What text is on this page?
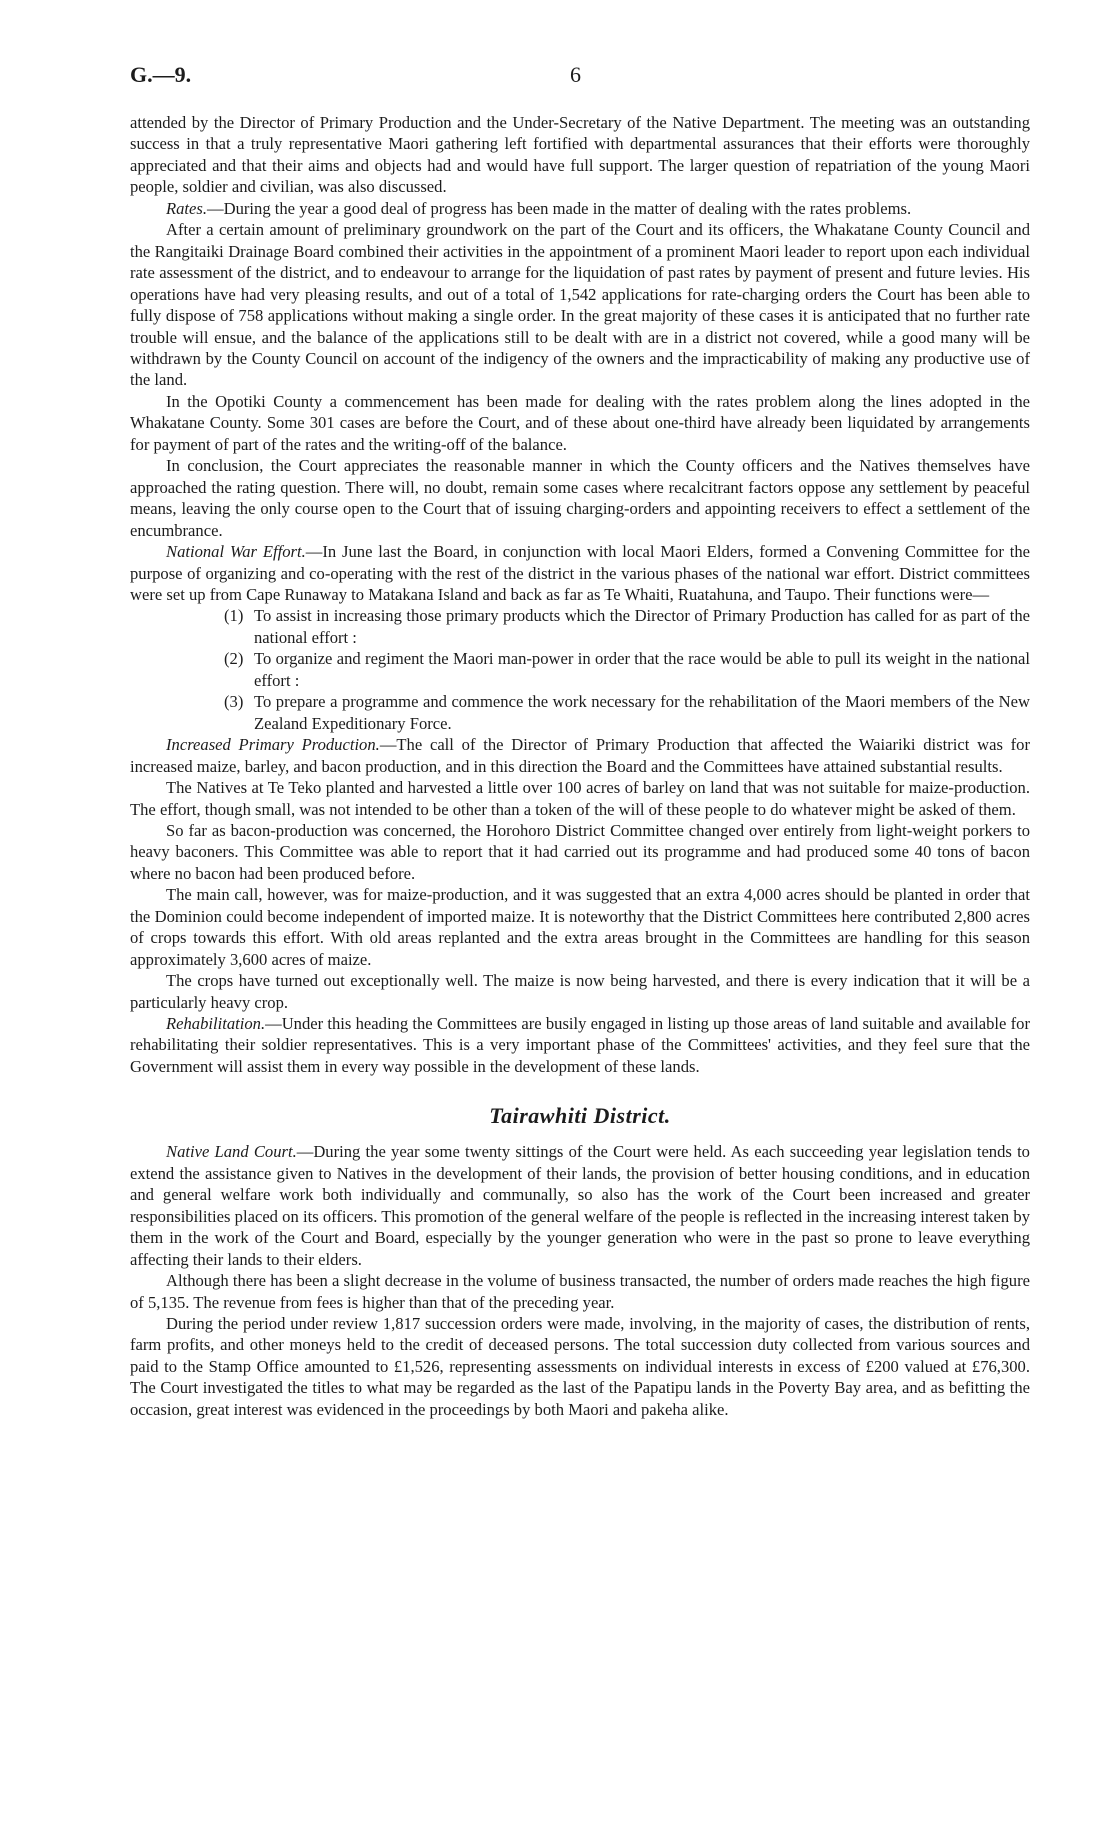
G.—9.	6

attended by the Director of Primary Production and the Under-Secretary of the Native Department. The meeting was an outstanding success in that a truly representative Maori gathering left fortified with departmental assurances that their efforts were thoroughly appreciated and that their aims and objects had and would have full support. The larger question of repatriation of the young Maori people, soldier and civilian, was also discussed.

Rates.—During the year a good deal of progress has been made in the matter of dealing with the rates problems.

After a certain amount of preliminary groundwork on the part of the Court and its officers, the Whakatane County Council and the Rangitaiki Drainage Board combined their activities in the appointment of a prominent Maori leader to report upon each individual rate assessment of the district, and to endeavour to arrange for the liquidation of past rates by payment of present and future levies. His operations have had very pleasing results, and out of a total of 1,542 applications for rate-charging orders the Court has been able to fully dispose of 758 applications without making a single order. In the great majority of these cases it is anticipated that no further rate trouble will ensue, and the balance of the applications still to be dealt with are in a district not covered, while a good many will be withdrawn by the County Council on account of the indigency of the owners and the impracticability of making any productive use of the land.

In the Opotiki County a commencement has been made for dealing with the rates problem along the lines adopted in the Whakatane County. Some 301 cases are before the Court, and of these about one-third have already been liquidated by arrangements for payment of part of the rates and the writing-off of the balance.

In conclusion, the Court appreciates the reasonable manner in which the County officers and the Natives themselves have approached the rating question. There will, no doubt, remain some cases where recalcitrant factors oppose any settlement by peaceful means, leaving the only course open to the Court that of issuing charging-orders and appointing receivers to effect a settlement of the encumbrance.

National War Effort.—In June last the Board, in conjunction with local Maori Elders, formed a Convening Committee for the purpose of organizing and co-operating with the rest of the district in the various phases of the national war effort. District committees were set up from Cape Runaway to Matakana Island and back as far as Te Whaiti, Ruatahuna, and Taupo. Their functions were—

(1) To assist in increasing those primary products which the Director of Primary Production has called for as part of the national effort :
(2) To organize and regiment the Maori man-power in order that the race would be able to pull its weight in the national effort :
(3) To prepare a programme and commence the work necessary for the rehabilitation of the Maori members of the New Zealand Expeditionary Force.

Increased Primary Production.—The call of the Director of Primary Production that affected the Waiariki district was for increased maize, barley, and bacon production, and in this direction the Board and the Committees have attained substantial results.

The Natives at Te Teko planted and harvested a little over 100 acres of barley on land that was not suitable for maize-production. The effort, though small, was not intended to be other than a token of the will of these people to do whatever might be asked of them.

So far as bacon-production was concerned, the Horohoro District Committee changed over entirely from light-weight porkers to heavy baconers. This Committee was able to report that it had carried out its programme and had produced some 40 tons of bacon where no bacon had been produced before.

The main call, however, was for maize-production, and it was suggested that an extra 4,000 acres should be planted in order that the Dominion could become independent of imported maize. It is noteworthy that the District Committees here contributed 2,800 acres of crops towards this effort. With old areas replanted and the extra areas brought in the Committees are handling for this season approximately 3,600 acres of maize.

The crops have turned out exceptionally well. The maize is now being harvested, and there is every indication that it will be a particularly heavy crop.

Rehabilitation.—Under this heading the Committees are busily engaged in listing up those areas of land suitable and available for rehabilitating their soldier representatives. This is a very important phase of the Committees' activities, and they feel sure that the Government will assist them in every way possible in the development of these lands.

Tairawhiti District.

Native Land Court.—During the year some twenty sittings of the Court were held. As each succeeding year legislation tends to extend the assistance given to Natives in the development of their lands, the provision of better housing conditions, and in education and general welfare work both individually and communally, so also has the work of the Court been increased and greater responsibilities placed on its officers. This promotion of the general welfare of the people is reflected in the increasing interest taken by them in the work of the Court and Board, especially by the younger generation who were in the past so prone to leave everything affecting their lands to their elders.

Although there has been a slight decrease in the volume of business transacted, the number of orders made reaches the high figure of 5,135. The revenue from fees is higher than that of the preceding year.

During the period under review 1,817 succession orders were made, involving, in the majority of cases, the distribution of rents, farm profits, and other moneys held to the credit of deceased persons. The total succession duty collected from various sources and paid to the Stamp Office amounted to £1,526, representing assessments on individual interests in excess of £200 valued at £76,300. The Court investigated the titles to what may be regarded as the last of the Papatipu lands in the Poverty Bay area, and as befitting the occasion, great interest was evidenced in the proceedings by both Maori and pakeha alike.
